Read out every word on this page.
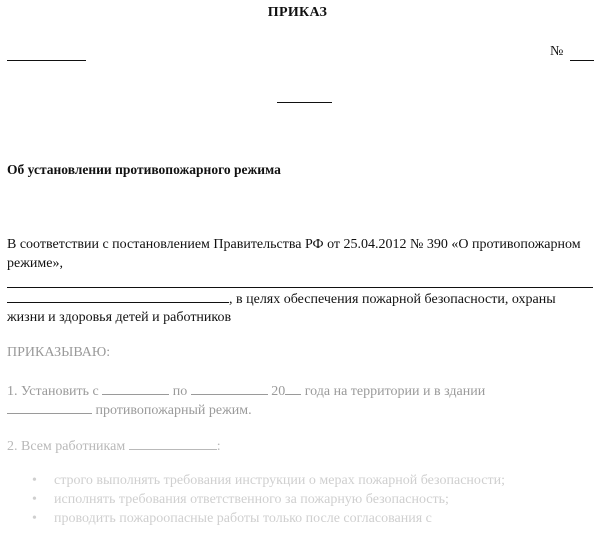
ПРИКАЗ
№
Об установлении противопожарного режима
В соответствии с постановлением Правительства РФ от 25.04.2012 № 390 «О противопожарном режиме»,
, в целях обеспечения пожарной безопасности, охраны
жизни и здоровья детей и работников
ПРИКАЗЫВАЮ:
1. Установить с	по	20 года на территории и в здании
противопожарный режим.
2. Всем работникам	:
• строго выполнять требования инструкции о мерах пожарной безопасности;
• исполнять требования ответственного за пожарную безопасность;
• проводить пожароопасные работы только после согласования с
